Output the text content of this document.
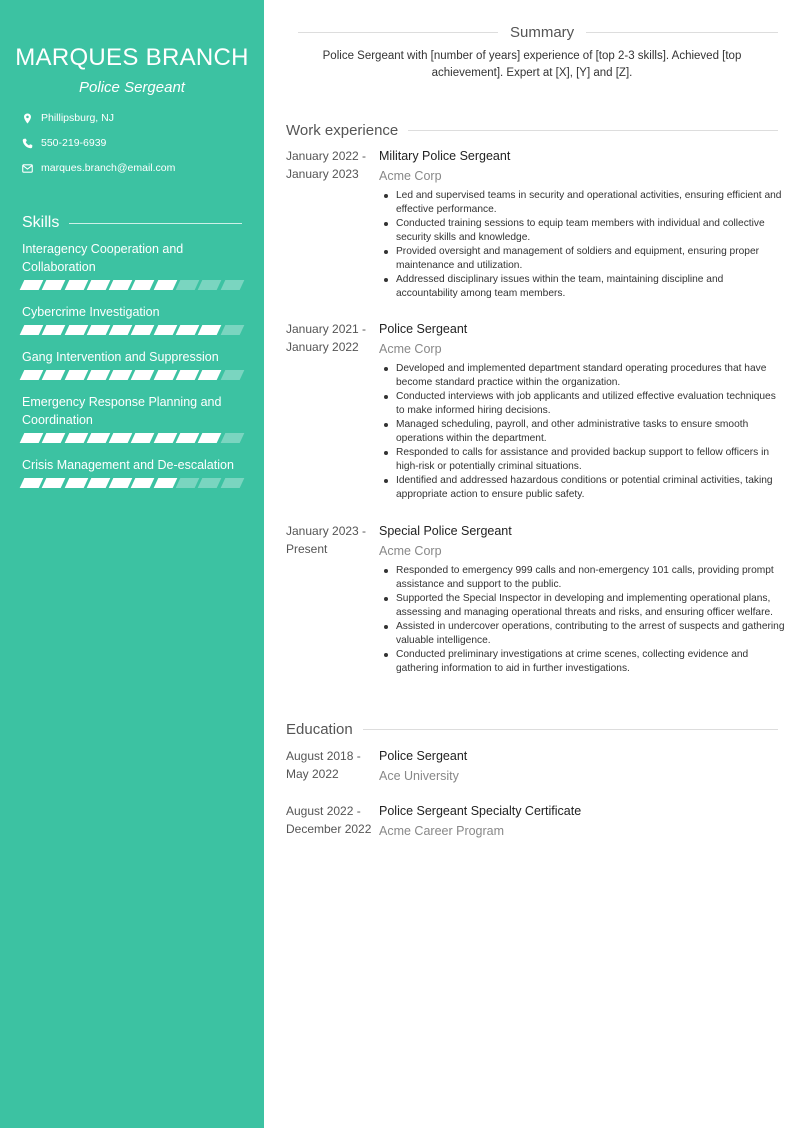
MARQUES BRANCH
Police Sergeant
Phillipsburg, NJ
550-219-6939
marques.branch@email.com
Skills
Interagency Cooperation and Collaboration
Cybercrime Investigation
Gang Intervention and Suppression
Emergency Response Planning and Coordination
Crisis Management and De-escalation
Summary
Police Sergeant with [number of years] experience of [top 2-3 skills]. Achieved [top achievement]. Expert at [X], [Y] and [Z].
Work experience
January 2022 -
January 2023
Military Police Sergeant
Acme Corp
Led and supervised teams in security and operational activities, ensuring efficient and effective performance.
Conducted training sessions to equip team members with individual and collective security skills and knowledge.
Provided oversight and management of soldiers and equipment, ensuring proper maintenance and utilization.
Addressed disciplinary issues within the team, maintaining discipline and accountability among team members.
January 2021 -
January 2022
Police Sergeant
Acme Corp
Developed and implemented department standard operating procedures that have become standard practice within the organization.
Conducted interviews with job applicants and utilized effective evaluation techniques to make informed hiring decisions.
Managed scheduling, payroll, and other administrative tasks to ensure smooth operations within the department.
Responded to calls for assistance and provided backup support to fellow officers in high-risk or potentially criminal situations.
Identified and addressed hazardous conditions or potential criminal activities, taking appropriate action to ensure public safety.
January 2023 -
Present
Special Police Sergeant
Acme Corp
Responded to emergency 999 calls and non-emergency 101 calls, providing prompt assistance and support to the public.
Supported the Special Inspector in developing and implementing operational plans, assessing and managing operational threats and risks, and ensuring officer welfare.
Assisted in undercover operations, contributing to the arrest of suspects and gathering valuable intelligence.
Conducted preliminary investigations at crime scenes, collecting evidence and gathering information to aid in further investigations.
Education
August 2018 -
May 2022
Police Sergeant
Ace University
August 2022 -
December 2022
Police Sergeant Specialty Certificate
Acme Career Program
